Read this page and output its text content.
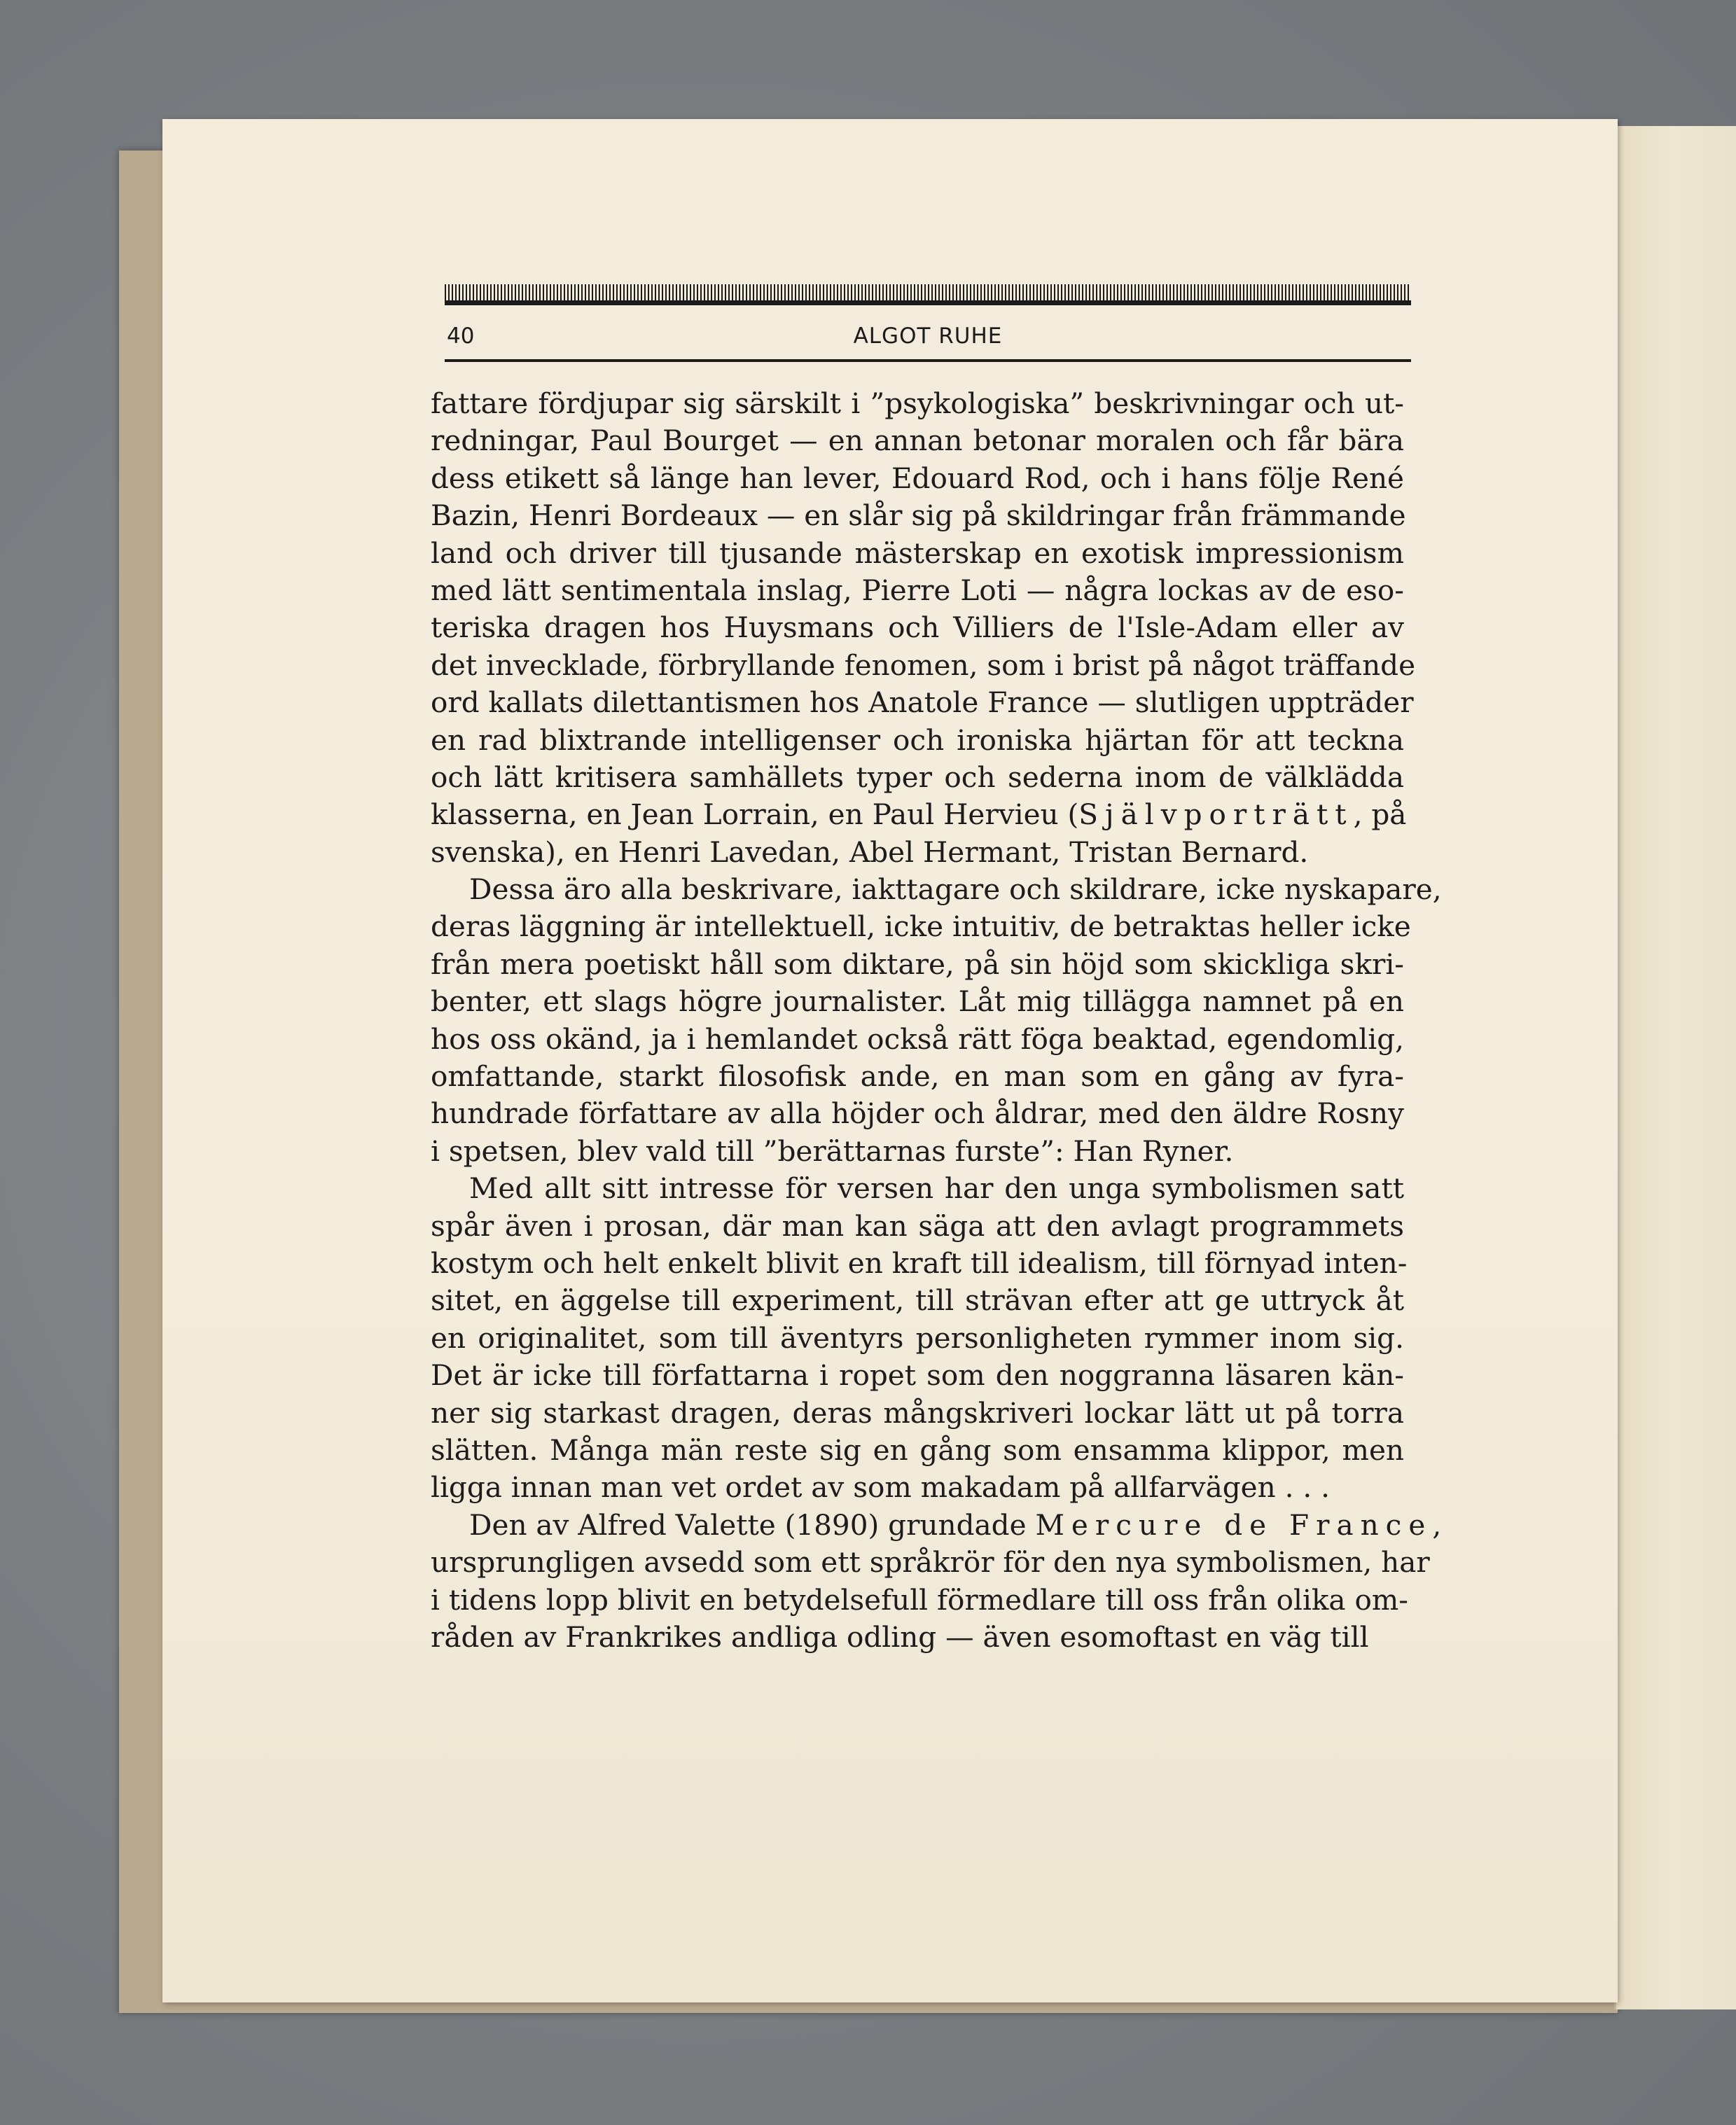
40	ALGOT RUHE
fattare fördjupar sig särskilt i ”psykologiska” beskrivningar och ut-
redningar, Paul Bourget — en annan betonar moralen och får bära
dess etikett så länge han lever, Edouard Rod, och i hans följe René
Bazin, Henri Bordeaux — en slår sig på skildringar från främmande
land och driver till tjusande mästerskap en exotisk impressionism
med lätt sentimentala inslag, Pierre Loti — några lockas av de eso-
teriska dragen hos Huysmans och Villiers de l'Isle-Adam eller av
det invecklade, förbryllande fenomen, som i brist på något träffande
ord kallats dilettantismen hos Anatole France — slutligen uppträder
en rad blixtrande intelligenser och ironiska hjärtan för att teckna
och lätt kritisera samhällets typer och sederna inom de välklädda
klasserna, en Jean Lorrain, en Paul Hervieu (Självporträtt, på
svenska), en Henri Lavedan, Abel Hermant, Tristan Bernard.
Dessa äro alla beskrivare, iakttagare och skildrare, icke nyskapare,
deras läggning är intellektuell, icke intuitiv, de betraktas heller icke
från mera poetiskt håll som diktare, på sin höjd som skickliga skri-
benter, ett slags högre journalister. Låt mig tillägga namnet på en
hos oss okänd, ja i hemlandet också rätt föga beaktad, egendomlig,
omfattande, starkt filosofisk ande, en man som en gång av fyra-
hundrade författare av alla höjder och åldrar, med den äldre Rosny
i spetsen, blev vald till ”berättarnas furste”: Han Ryner.
Med allt sitt intresse för versen har den unga symbolismen satt
spår även i prosan, där man kan säga att den avlagt programmets
kostym och helt enkelt blivit en kraft till idealism, till förnyad inten-
sitet, en äggelse till experiment, till strävan efter att ge uttryck åt
en originalitet, som till äventyrs personligheten rymmer inom sig.
Det är icke till författarna i ropet som den noggranna läsaren kän-
ner sig starkast dragen, deras mångskriveri lockar lätt ut på torra
slätten. Många män reste sig en gång som ensamma klippor, men
ligga innan man vet ordet av som makadam på allfarvägen . . .
Den av Alfred Valette (1890) grundade Mercure de France,
ursprungligen avsedd som ett språkrör för den nya symbolismen, har
i tidens lopp blivit en betydelsefull förmedlare till oss från olika om-
råden av Frankrikes andliga odling — även esomoftast en väg till
